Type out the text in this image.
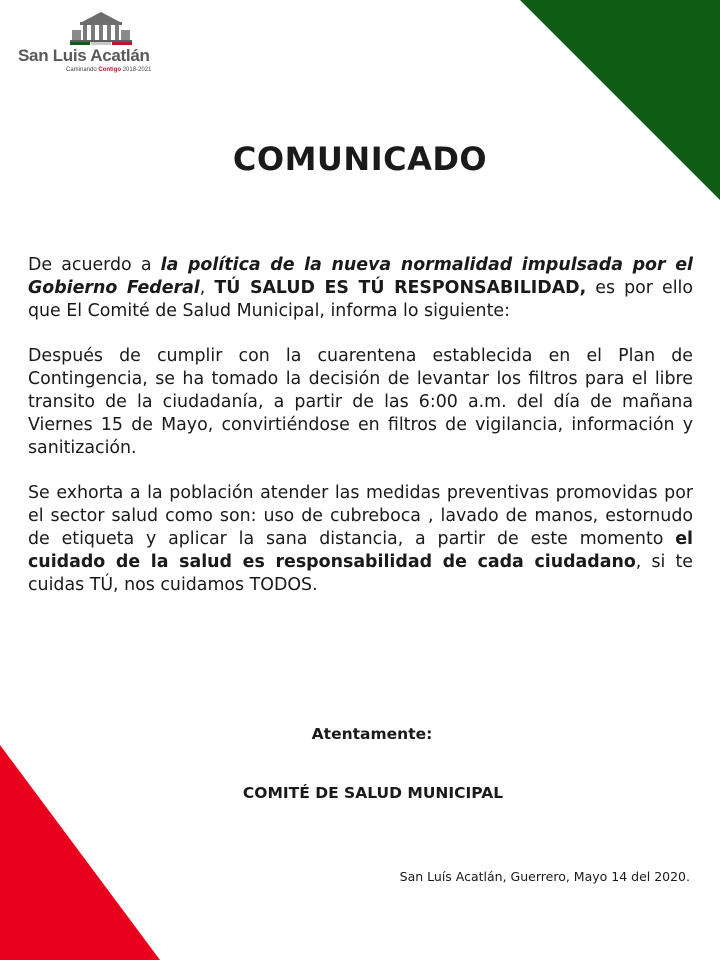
San Luis Acatlán
Caminando Contigo 2018-2021
COMUNICADO

De acuerdo a la política de la nueva normalidad impulsada por el Gobierno Federal, TÚ SALUD ES TÚ RESPONSABILIDAD, es por ello que El Comité de Salud Municipal, informa lo siguiente:

Después de cumplir con la cuarentena establecida en el Plan de Contingencia, se ha tomado la decisión de levantar los filtros para el libre transito de la ciudadanía, a partir de las 6:00 a.m. del día de mañana Viernes 15 de Mayo, convirtiéndose en filtros de vigilancia, información y sanitización.

Se exhorta a la población atender las medidas preventivas promovidas por el sector salud como son: uso de cubreboca , lavado de manos, estornudo de etiqueta y aplicar la sana distancia, a partir de este momento el cuidado de la salud es responsabilidad de cada ciudadano, si te cuidas TÚ, nos cuidamos TODOS.

Atentamente:
COMITÉ DE SALUD MUNICIPAL
San Luís Acatlán, Guerrero, Mayo 14 del 2020.
